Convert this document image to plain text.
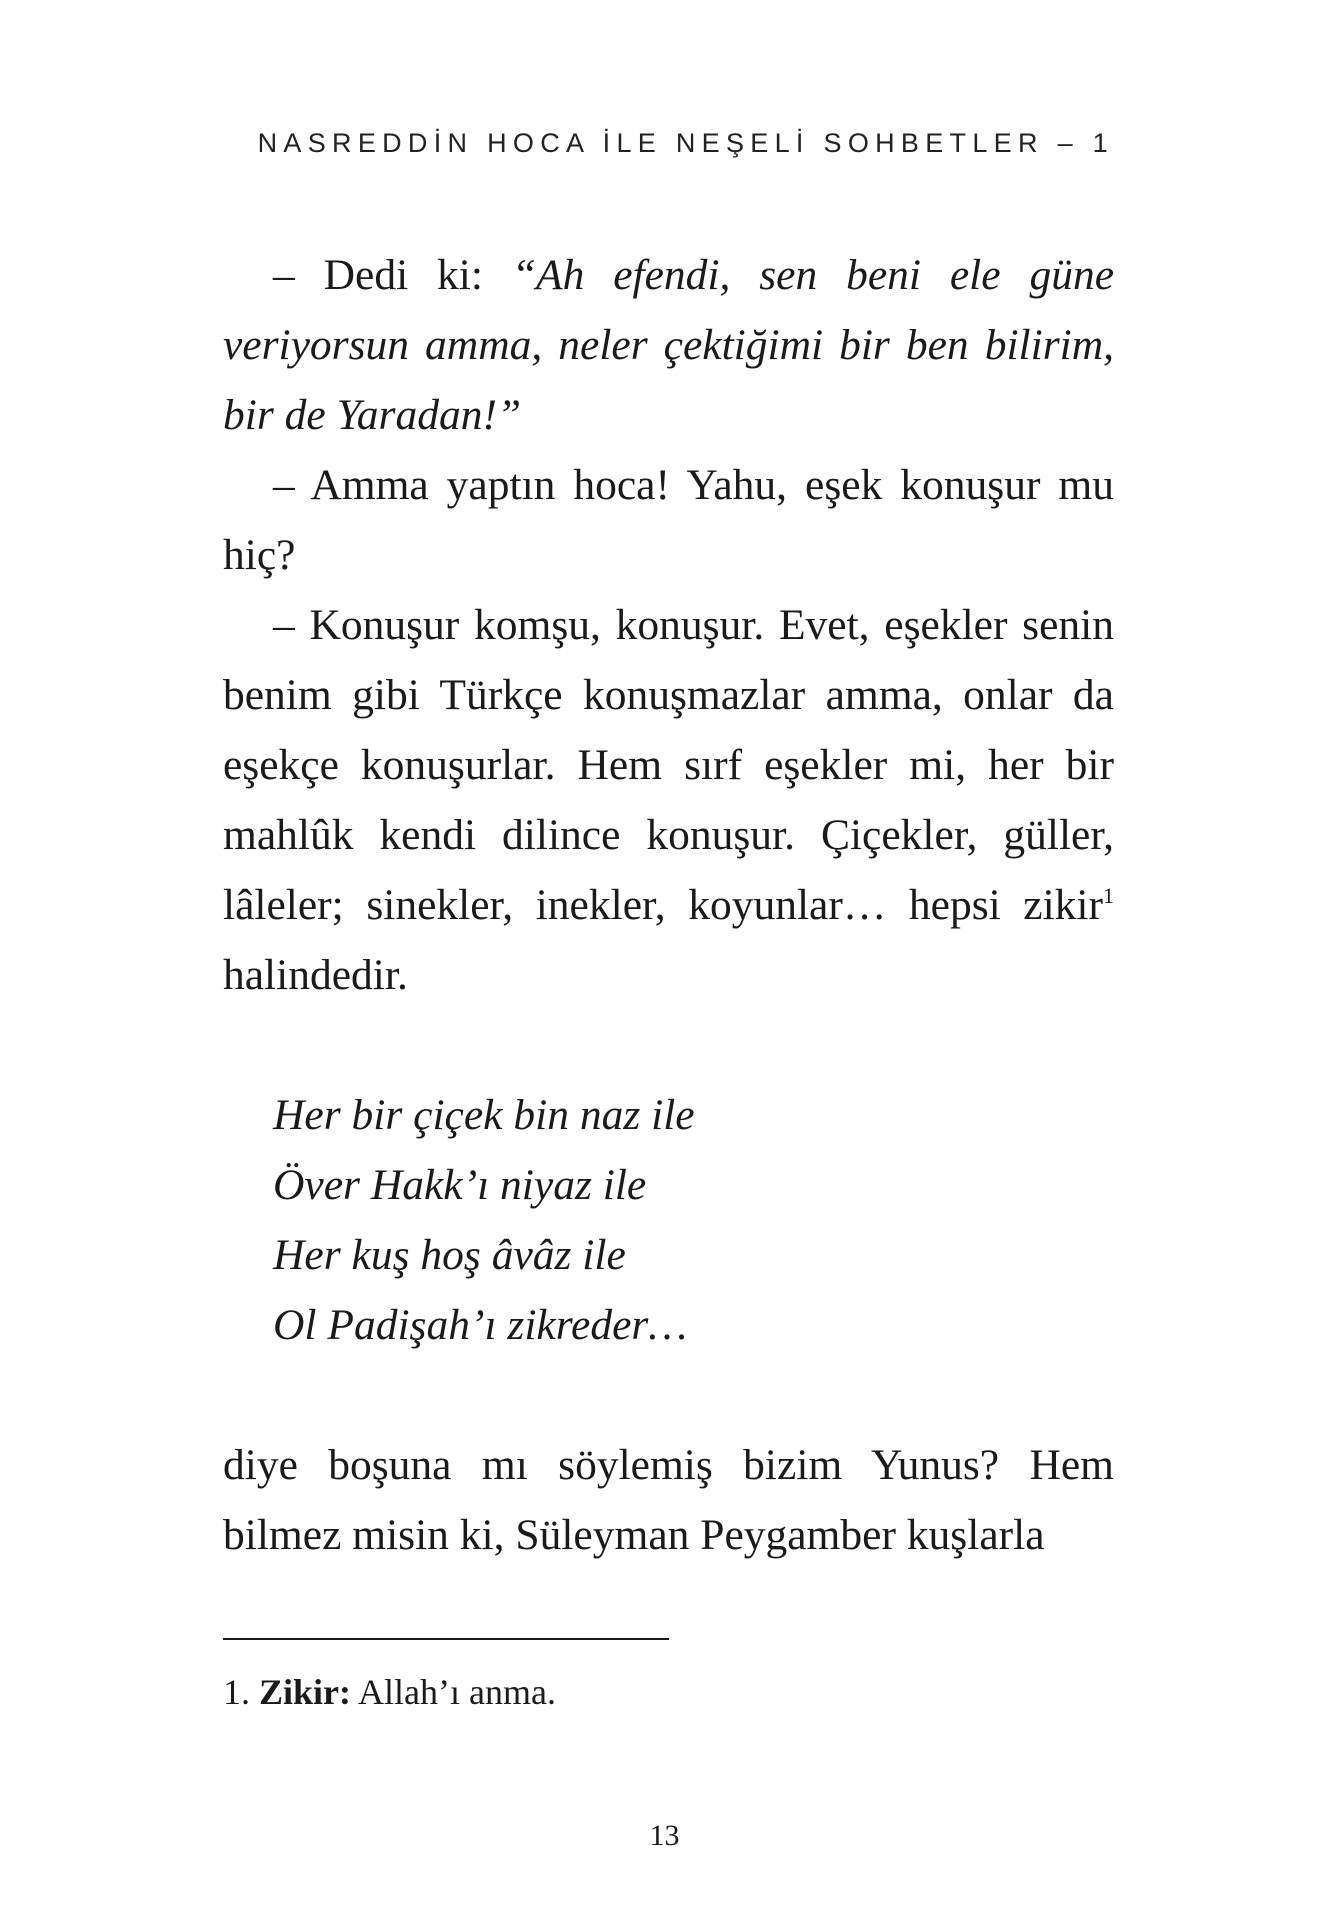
NASREDDİN HOCA İLE NEŞELİ SOHBETLER – 1

– Dedi ki: “Ah efendi, sen beni ele güne veriyorsun amma, neler çektiğimi bir ben bilirim, bir de Yaradan!”

– Amma yaptın hoca! Yahu, eşek konuşur mu hiç?

– Konuşur komşu, konuşur. Evet, eşekler senin benim gibi Türkçe konuşmazlar amma, onlar da eşekçe konuşurlar. Hem sırf eşekler mi, her bir mahlûk kendi dilince konuşur. Çiçekler, güller, lâleler; sinekler, inekler, koyunlar… hepsi zikir$^1$ halindedir.

Her bir çiçek bin naz ile
Över Hakk’ı niyaz ile
Her kuş hoş âvâz ile
Ol Padişah’ı zikreder…

diye boşuna mı söylemiş bizim Yunus? Hem bilmez misin ki, Süleyman Peygamber kuşlarla

1. Zikir: Allah’ı anma.
13
